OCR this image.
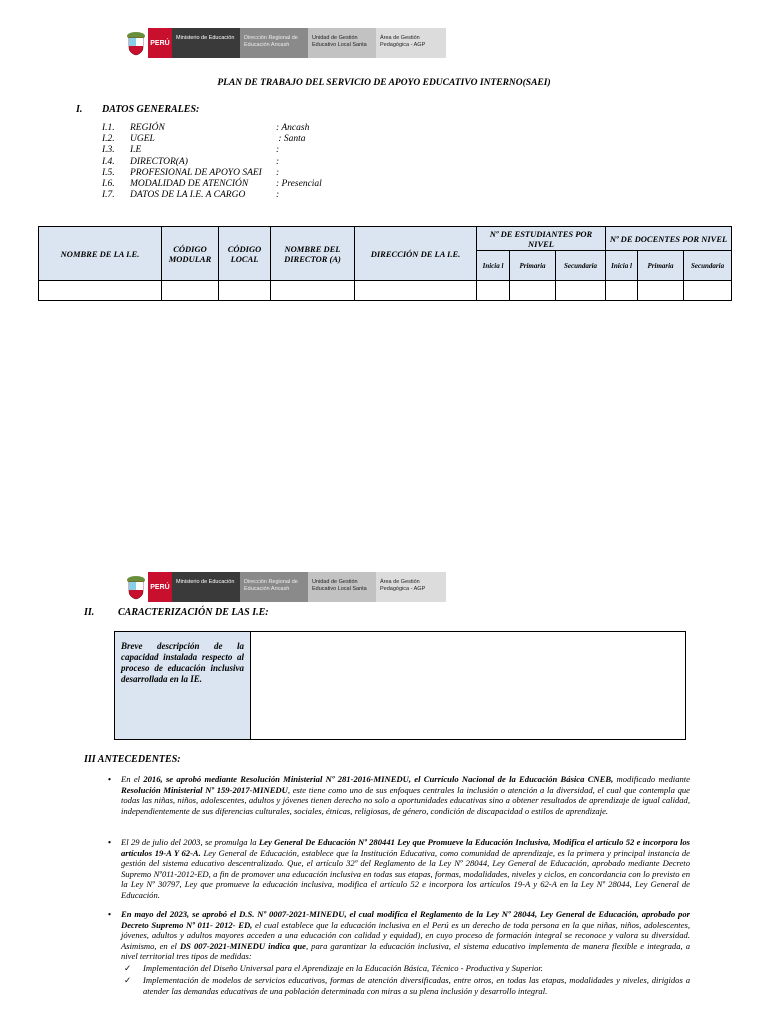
PERÚ
Ministerio de Educación	Dirección Regional de Educación Ancash
Unidad de Gestión Educativo Local Santa
Área de Gestión Pedagógica - AGP
PLAN DE TRABAJO DEL SERVICIO DE APOYO EDUCATIVO INTERNO(SAEI)
I. DATOS GENERALES:
I.1. REGIÓN	: Ancash
I.2. UGEL	: Santa
I.3. I.E	:
I.4. DIRECTOR(A)	:
I.5. PROFESIONAL DE APOYO SAEI :
I.6. MODALIDAD DE ATENCIÓN	: Presencial
I.7. DATOS DE LA I.E. A CARGO	:
NOMBRE DE LA I.E.	CÓDIGO MODULAR	CÓDIGO LOCAL	NOMBRE DEL DIRECTOR (A)	DIRECCIÓN DE LA I.E.	Nº DE ESTUDIANTES POR NIVEL			Nº DE DOCENTES POR NIVEL		
					Inicia l	Primaria	Secundaria	Inicia l	Primaria	Secundaria

PERÚ
Ministerio de Educación	Dirección Regional de Educación Ancash
Unidad de Gestión Educativo Local Santa
Área de Gestión Pedagógica - AGP
II. CARACTERIZACIÓN DE LAS I.E:
Breve descripción de la capacidad instalada respecto al proceso de educación inclusiva desarrollada en la IE.
III ANTECEDENTES:
• En el 2016, se aprobó mediante Resolución Ministerial Nº 281-2016-MINEDU, el Currículo Nacional de la Educación Básica CNEB, modificado mediante Resolución Ministerial Nº 159-2017-MINEDU, este tiene como uno de sus enfoques centrales la inclusión o atención a la diversidad, el cual que contempla que todas las niñas, niños, adolescentes, adultos y jóvenes tienen derecho no solo a oportunidades educativas sino a obtener resultados de aprendizaje de igual calidad, independientemente de sus diferencias culturales, sociales, étnicas, religiosas, de género, condición de discapacidad o estilos de aprendizaje.
• El 29 de julio del 2003, se promulga la Ley General De Educación Nº 280441 Ley que Promueve la Educación Inclusiva, Modifica el artículo 52 e incorpora los artículos 19-A Y 62-A. Ley General de Educación, establece que la Institución Educativa, como comunidad de aprendizaje, es la primera y principal instancia de gestión del sistema educativo descentralizado. Que, el artículo 32º del Reglamento de la Ley Nº 28044, Ley General de Educación, aprobado mediante Decreto Supremo Nº011-2012-ED, a fin de promover una educación inclusiva en todas sus etapas, formas, modalidades, niveles y ciclos, en concordancia con lo previsto en la Ley Nº 30797, Ley que promueve la educación inclusiva, modifica el artículo 52 e incorpora los artículos 19-A y 62-A en la Ley Nº 28044, Ley General de Educación.
• En mayo del 2023, se aprobó el D.S. Nº 0007-2021-MINEDU, el cual modifica el Reglamento de la Ley Nº 28044, Ley General de Educación, aprobado por Decreto Supremo Nº 011- 2012- ED, el cual establece que la educación inclusiva en el Perú es un derecho de toda persona en la que niñas, niños, adolescentes, jóvenes, adultos y adultos mayores acceden a una educación con calidad y equidad), en cuyo proceso de formación integral se reconoce y valora su diversidad. Asimismo, en el DS 007-2021-MINEDU indica que, para garantizar la educación inclusiva, el sistema educativo implementa de manera flexible e integrada, a nivel territorial tres tipos de medidas:
✓ Implementación del Diseño Universal para el Aprendizaje en la Educación Básica, Técnico - Productiva y Superior.
✓ Implementación de modelos de servicios educativos, formas de atención diversificadas, entre otros, en todas las etapas, modalidades y niveles, dirigidos a atender las demandas educativas de una población determinada con miras a su plena inclusión y desarrollo integral.
